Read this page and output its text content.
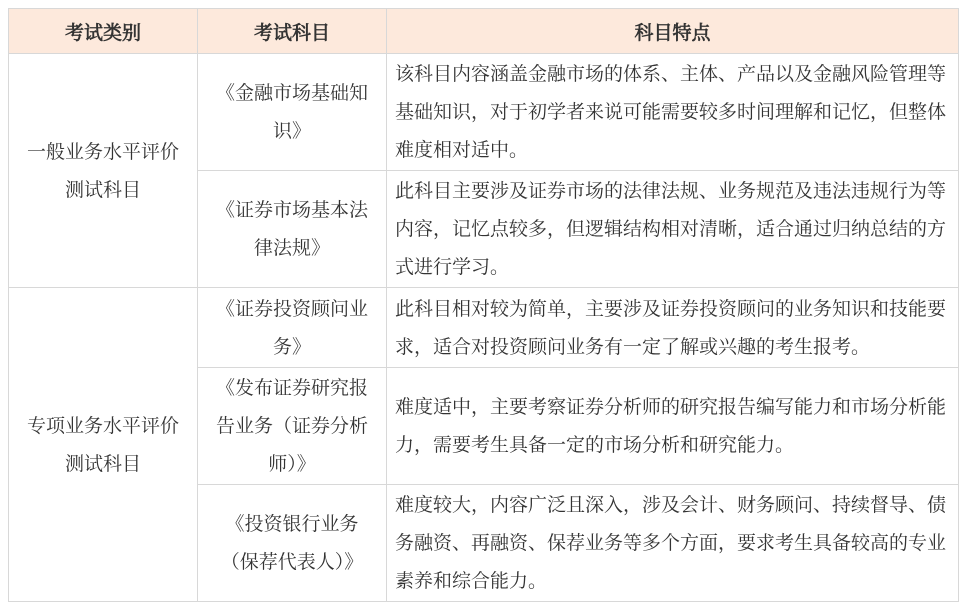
考试类别	考试科目	科目特点
一般业务水平评价测试科目	《金融市场基础知识》	该科目内容涵盖金融市场的体系、主体、产品以及金融风险管理等基础知识，对于初学者来说可能需要较多时间理解和记忆，但整体难度相对适中。
	《证券市场基本法律法规》	此科目主要涉及证券市场的法律法规、业务规范及违法违规行为等内容，记忆点较多，但逻辑结构相对清晰，适合通过归纳总结的方式进行学习。
专项业务水平评价测试科目	《证券投资顾问业务》	此科目相对较为简单，主要涉及证券投资顾问的业务知识和技能要求，适合对投资顾问业务有一定了解或兴趣的考生报考。
	《发布证券研究报告业务（证券分析师）》	难度适中，主要考察证券分析师的研究报告编写能力和市场分析能力，需要考生具备一定的市场分析和研究能力。
	《投资银行业务（保荐代表人）》	难度较大，内容广泛且深入，涉及会计、财务顾问、持续督导、债务融资、再融资、保荐业务等多个方面，要求考生具备较高的专业素养和综合能力。
